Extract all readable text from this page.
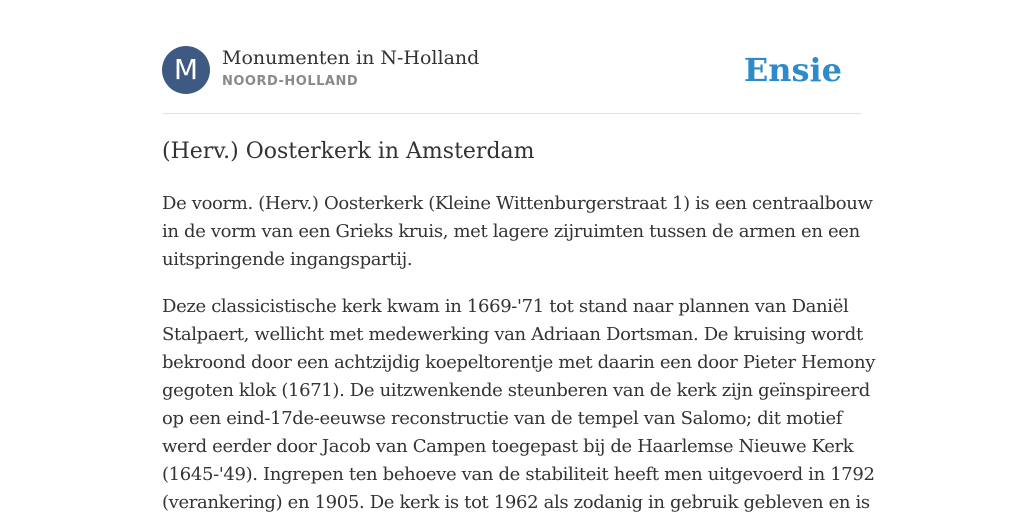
M	Monumenten in N-Holland
NOORD-HOLLAND	Ensie
(Herv.) Oosterkerk in Amsterdam

De voorm. (Herv.) Oosterkerk (Kleine Wittenburgerstraat 1) is een centraalbouw
in de vorm van een Grieks kruis, met lagere zijruimten tussen de armen en een
uitspringende ingangspartij.

Deze classicistische kerk kwam in 1669-'71 tot stand naar plannen van Daniël
Stalpaert, wellicht met medewerking van Adriaan Dortsman. De kruising wordt
bekroond door een achtzijdig koepeltorentje met daarin een door Pieter Hemony
gegoten klok (1671). De uitzwenkende steunberen van de kerk zijn geïnspireerd
op een eind-17de-eeuwse reconstructie van de tempel van Salomo; dit motief
werd eerder door Jacob van Campen toegepast bij de Haarlemse Nieuwe Kerk
(1645-'49). Ingrepen ten behoeve van de stabiliteit heeft men uitgevoerd in 1792
(verankering) en 1905. De kerk is tot 1962 als zodanig in gebruik gebleven en is
